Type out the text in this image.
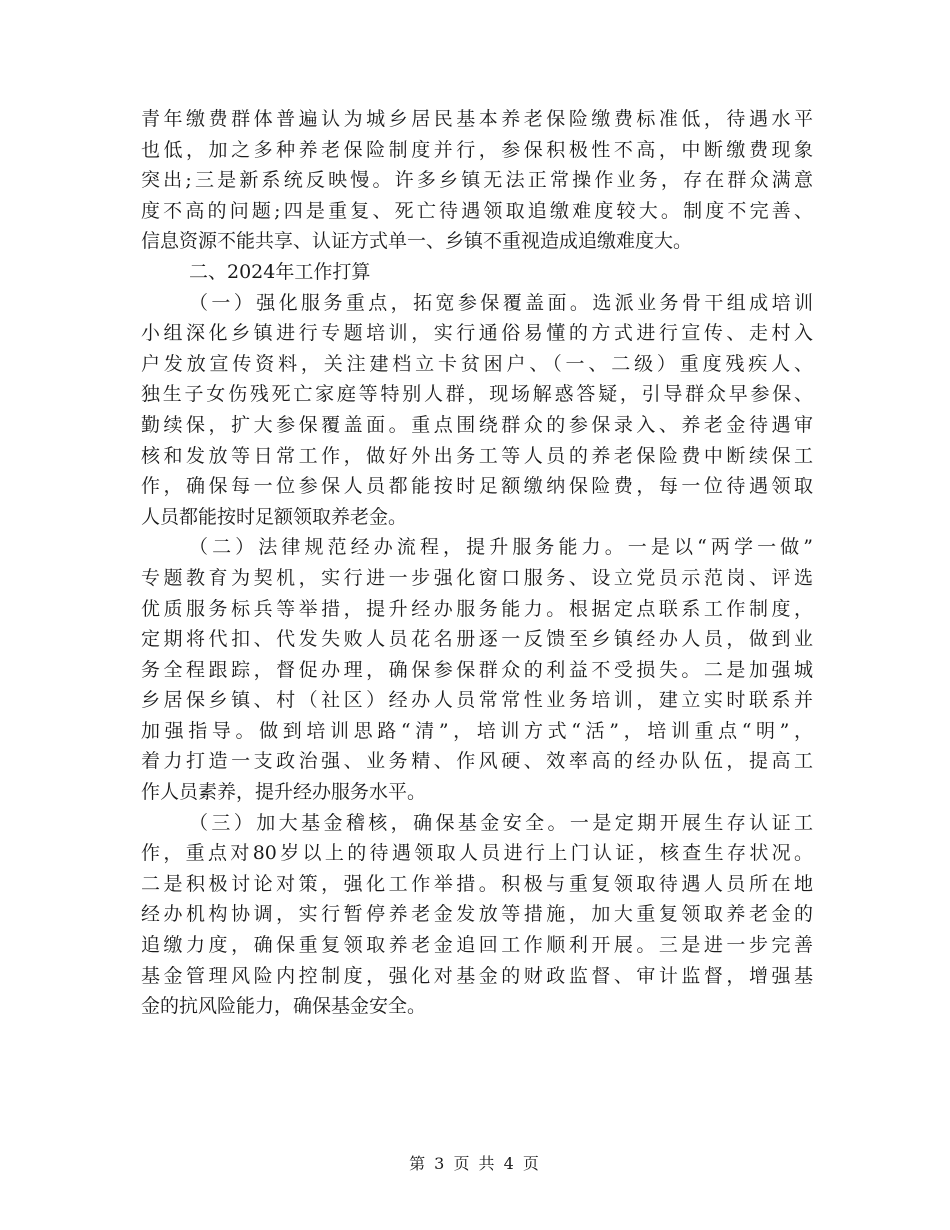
青年缴费群体普遍认为城乡居民基本养老保险缴费标准低，待遇水平
也低，加之多种养老保险制度并行，参保积极性不高，中断缴费现象
突出;三是新系统反映慢。许多乡镇无法正常操作业务，存在群众满意
度不高的问题;四是重复、死亡待遇领取追缴难度较大。制度不完善、
信息资源不能共享、认证方式单一、乡镇不重视造成追缴难度大。
二、2024年工作打算
（一）强化服务重点，拓宽参保覆盖面。选派业务骨干组成培训
小组深化乡镇进行专题培训，实行通俗易懂的方式进行宣传、走村入
户发放宣传资料，关注建档立卡贫困户、（一、二级）重度残疾人、
独生子女伤残死亡家庭等特别人群，现场解惑答疑，引导群众早参保、
勤续保，扩大参保覆盖面。重点围绕群众的参保录入、养老金待遇审
核和发放等日常工作，做好外出务工等人员的养老保险费中断续保工
作，确保每一位参保人员都能按时足额缴纳保险费，每一位待遇领取
人员都能按时足额领取养老金。
（二）法律规范经办流程，提升服务能力。一是以“两学一做”
专题教育为契机，实行进一步强化窗口服务、设立党员示范岗、评选
优质服务标兵等举措，提升经办服务能力。根据定点联系工作制度，
定期将代扣、代发失败人员花名册逐一反馈至乡镇经办人员，做到业
务全程跟踪，督促办理，确保参保群众的利益不受损失。二是加强城
乡居保乡镇、村（社区）经办人员常常性业务培训，建立实时联系并
加强指导。做到培训思路“清”，培训方式“活”，培训重点“明”，
着力打造一支政治强、业务精、作风硬、效率高的经办队伍，提高工
作人员素养，提升经办服务水平。
（三）加大基金稽核，确保基金安全。一是定期开展生存认证工
作，重点对80岁以上的待遇领取人员进行上门认证，核查生存状况。
二是积极讨论对策，强化工作举措。积极与重复领取待遇人员所在地
经办机构协调，实行暂停养老金发放等措施，加大重复领取养老金的
追缴力度，确保重复领取养老金追回工作顺利开展。三是进一步完善
基金管理风险内控制度，强化对基金的财政监督、审计监督，增强基
金的抗风险能力，确保基金安全。
第 3 页 共 4 页
